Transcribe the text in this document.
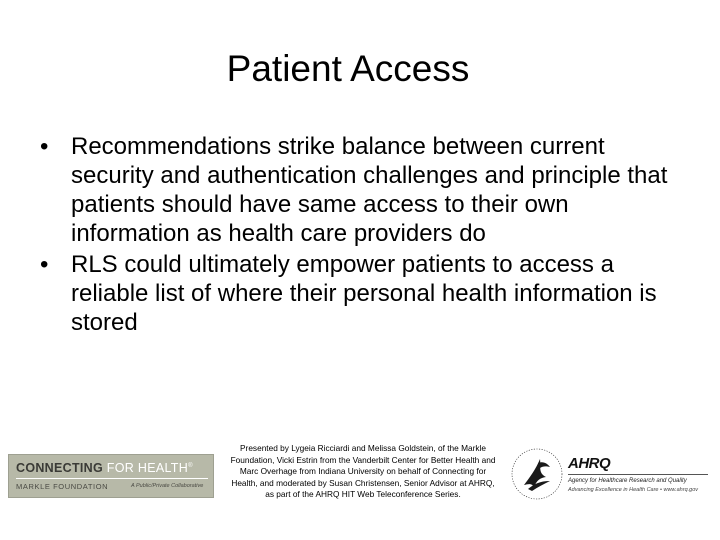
Patient Access
• Recommendations strike balance between current security and authentication challenges and principle that patients should have same access to their own information as health care providers do
• RLS could ultimately empower patients to access a reliable list of where their personal health information is stored
CONNECTING FOR HEALTH®
MARKLE FOUNDATION	A Public/Private Collaborative

Presented by Lygeia Ricciardi and Melissa Goldstein, of the Markle Foundation, Vicki Estrin from the Vanderbilt Center for Better Health and Marc Overhage from Indiana University on behalf of Connecting for Health, and moderated by Susan Christensen, Senior Advisor at AHRQ, as part of the AHRQ HIT Web Teleconference Series.

AHRQ
Agency for Healthcare Research and Quality
Advancing Excellence in Health Care • www.ahrq.gov
